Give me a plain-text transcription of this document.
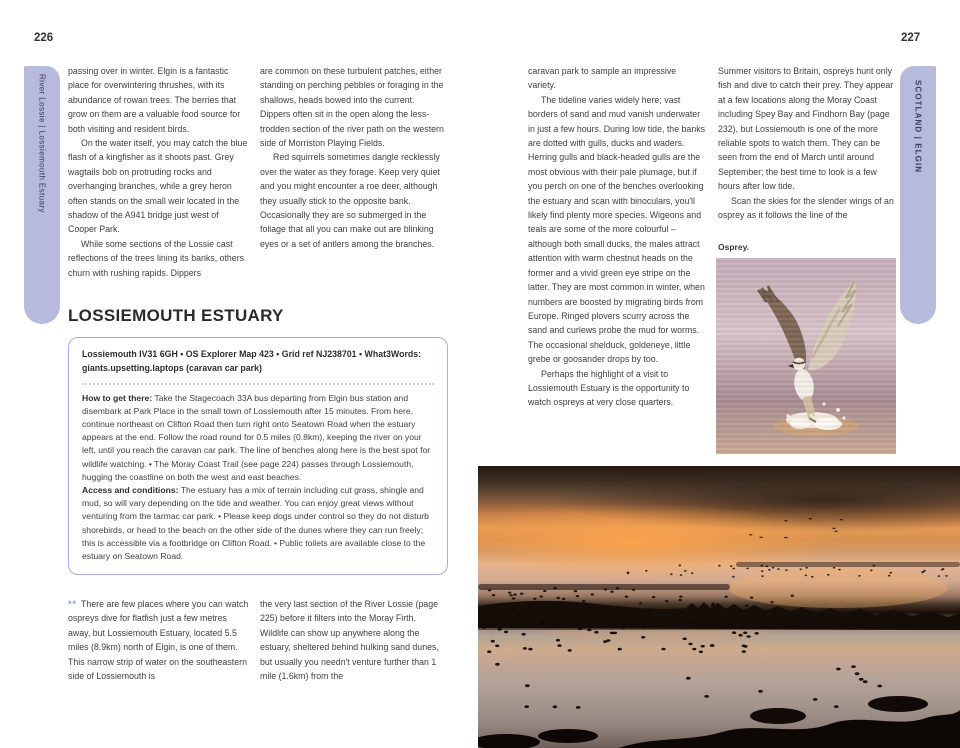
226	227
River Lossie | Lossiemouth Estuary	SCOTLAND | ELGIN

passing over in winter. Elgin is a fantastic place for overwintering thrushes, with its abundance of rowan trees. The berries that grow on them are a valuable food source for both visiting and resident birds.

On the water itself, you may catch the blue flash of a kingfisher as it shoots past. Grey wagtails bob on protruding rocks and overhanging branches, while a grey heron often stands on the small weir located in the shadow of the A941 bridge just west of Cooper Park.

While some sections of the Lossie cast reflections of the trees lining its banks, others churn with rushing rapids. Dippers

are common on these turbulent patches, either standing on perching pebbles or foraging in the shallows, heads bowed into the current. Dippers often sit in the open along the less-trodden section of the river path on the western side of Morriston Playing Fields.

Red squirrels sometimes dangle recklessly over the water as they forage. Keep very quiet and you might encounter a roe deer, although they usually stick to the opposite bank. Occasionally they are so submerged in the foliage that all you can make out are blinking eyes or a set of antlers among the branches.

LOSSIEMOUTH ESTUARY

Lossiemouth IV31 6GH • OS Explorer Map 423 • Grid ref NJ238701 • What3Words: giants.upsetting.laptops (caravan car park)

How to get there: Take the Stagecoach 33A bus departing from Elgin bus station and disembark at Park Place in the small town of Lossiemouth after 15 minutes. From here, continue northeast on Clifton Road then turn right onto Seatown Road when the estuary appears at the end. Follow the road round for 0.5 miles (0.8km), keeping the river on your left, until you reach the caravan car park. The line of benches along here is the best spot for wildlife watching. • The Moray Coast Trail (see page 224) passes through Lossiemouth, hugging the coastline on both the west and east beaches.

Access and conditions: The estuary has a mix of terrain including cut grass, shingle and mud, so will vary depending on the tide and weather. You can enjoy great views without venturing from the tarmac car park. • Please keep dogs under control so they do not disturb shorebirds, or head to the beach on the other side of the dunes where they can run freely; this is accessible via a footbridge on Clifton Road. • Public toilets are available close to the estuary on Seatown Road.

** There are few places where you can watch ospreys dive for flatfish just a few metres away, but Lossiemouth Estuary, located 5.5 miles (8.9km) north of Elgin, is one of them. This narrow strip of water on the southeastern side of Lossiemouth is

the very last section of the River Lossie (page 225) before it filters into the Moray Firth. Wildlife can show up anywhere along the estuary, sheltered behind hulking sand dunes, but usually you needn't venture further than 1 mile (1.6km) from the

caravan park to sample an impressive variety.

The tideline varies widely here; vast borders of sand and mud vanish underwater in just a few hours. During low tide, the banks are dotted with gulls, ducks and waders. Herring gulls and black-headed gulls are the most obvious with their pale plumage, but if you perch on one of the benches overlooking the estuary and scan with binoculars, you'll likely find plenty more species. Wigeons and teals are some of the more colourful – although both small ducks, the males attract attention with warm chestnut heads on the former and a vivid green eye stripe on the latter. They are most common in winter, when numbers are boosted by migrating birds from Europe. Ringed plovers scurry across the sand and curlews probe the mud for worms. The occasional shelduck, goldeneye, little grebe or goosander drops by too.

Perhaps the highlight of a visit to Lossiemouth Estuary is the opportunity to watch ospreys at very close quarters.

Summer visitors to Britain, ospreys hunt only fish and dive to catch their prey. They appear at a few locations along the Moray Coast including Spey Bay and Findhorn Bay (page 232), but Lossiemouth is one of the more reliable spots to watch them. They can be seen from the end of March until around September; the best time to look is a few hours after low tide.

Scan the skies for the slender wings of an osprey as it follows the line of the

Osprey.
